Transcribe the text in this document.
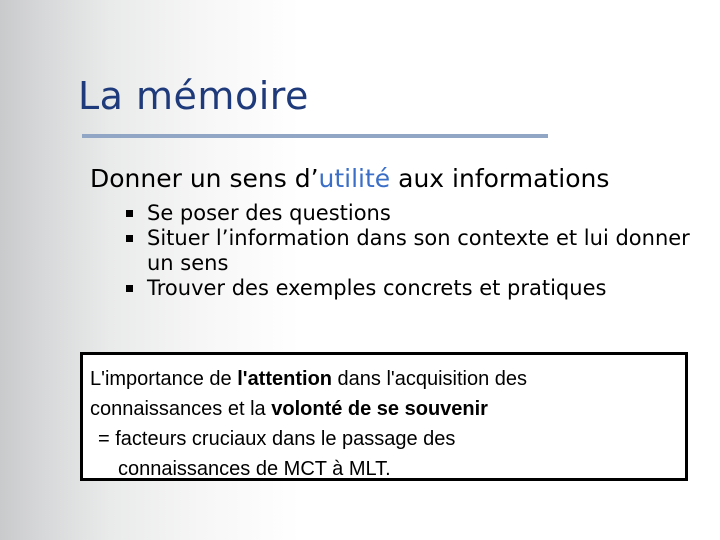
La mémoire
Donner un sens d’utilité aux informations
Se poser des questions
Situer l’information dans son contexte et lui donner un sens
Trouver des exemples concrets et pratiques
L'importance de l'attention dans l'acquisition des
connaissances et la volonté de se souvenir
= facteurs cruciaux dans le passage des
connaissances de MCT à MLT.
